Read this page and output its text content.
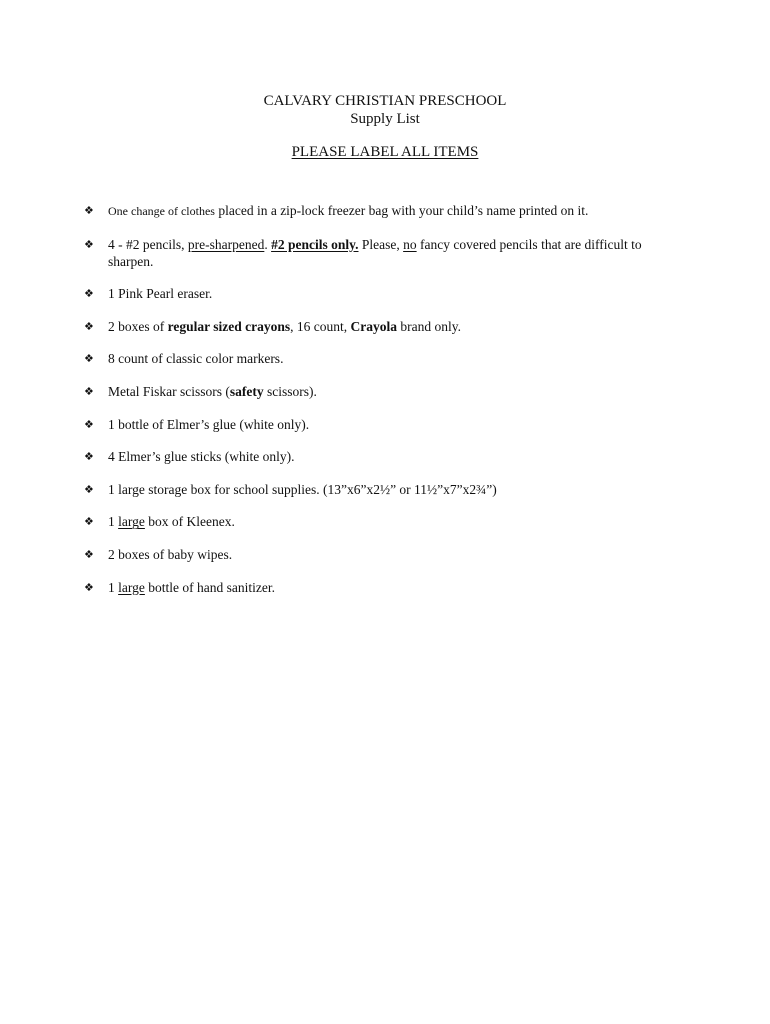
CALVARY CHRISTIAN PRESCHOOL
Supply List
PLEASE LABEL ALL ITEMS
❖ One change of clothes placed in a zip-lock freezer bag with your child’s name printed on it.
❖ 4 - #2 pencils, pre-sharpened. #2 pencils only. Please, no fancy covered pencils that are difficult to sharpen.
❖ 1 Pink Pearl eraser.
❖ 2 boxes of regular sized crayons, 16 count, Crayola brand only.
❖ 8 count of classic color markers.
❖ Metal Fiskar scissors (safety scissors).
❖ 1 bottle of Elmer’s glue (white only).
❖ 4 Elmer’s glue sticks (white only).
❖ 1 large storage box for school supplies. (13”x6”x2½” or 11½”x7”x2¾”)
❖ 1 large box of Kleenex.
❖ 2 boxes of baby wipes.
❖ 1 large bottle of hand sanitizer.
